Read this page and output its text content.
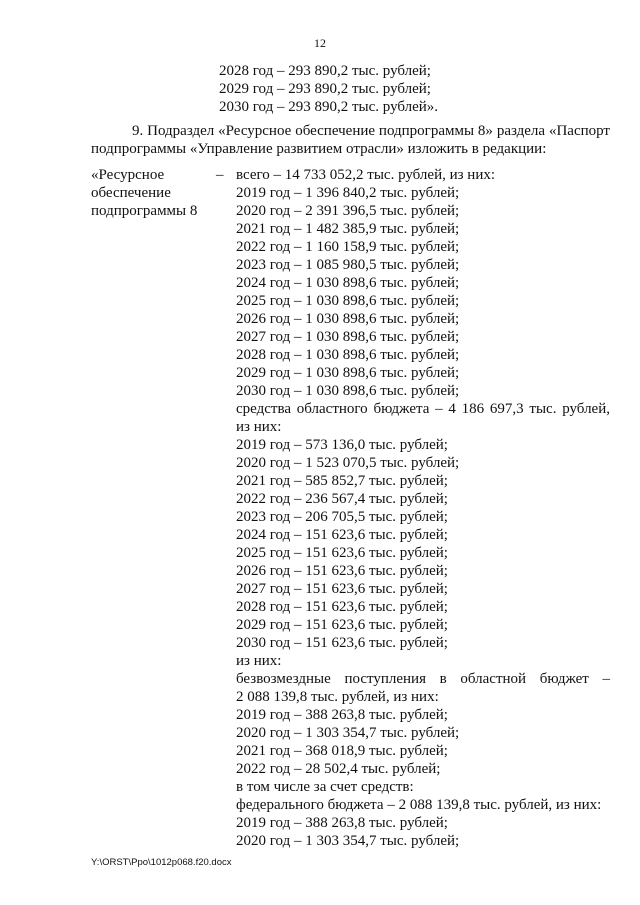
12
2028 год – 293 890,2 тыс. рублей;
2029 год – 293 890,2 тыс. рублей;
2030 год – 293 890,2 тыс. рублей».
9. Подраздел «Ресурсное обеспечение подпрограммы 8» раздела «Паспорт подпрограммы «Управление развитием отрасли» изложить в редакции:
«Ресурсное
обеспечение
подпрограммы 8
– всего – 14 733 052,2 тыс. рублей, из них:
2019 год – 1 396 840,2 тыс. рублей;
2020 год – 2 391 396,5 тыс. рублей;
2021 год – 1 482 385,9 тыс. рублей;
2022 год – 1 160 158,9 тыс. рублей;
2023 год – 1 085 980,5 тыс. рублей;
2024 год – 1 030 898,6 тыс. рублей;
2025 год – 1 030 898,6 тыс. рублей;
2026 год – 1 030 898,6 тыс. рублей;
2027 год – 1 030 898,6 тыс. рублей;
2028 год – 1 030 898,6 тыс. рублей;
2029 год – 1 030 898,6 тыс. рублей;
2030 год – 1 030 898,6 тыс. рублей;
средства областного бюджета – 4 186 697,3 тыс. рублей,
из них:
2019 год – 573 136,0 тыс. рублей;
2020 год – 1 523 070,5 тыс. рублей;
2021 год – 585 852,7 тыс. рублей;
2022 год – 236 567,4 тыс. рублей;
2023 год – 206 705,5 тыс. рублей;
2024 год – 151 623,6 тыс. рублей;
2025 год – 151 623,6 тыс. рублей;
2026 год – 151 623,6 тыс. рублей;
2027 год – 151 623,6 тыс. рублей;
2028 год – 151 623,6 тыс. рублей;
2029 год – 151 623,6 тыс. рублей;
2030 год – 151 623,6 тыс. рублей;
из них:
безвозмездные поступления в областной бюджет –
2 088 139,8 тыс. рублей, из них:
2019 год – 388 263,8 тыс. рублей;
2020 год – 1 303 354,7 тыс. рублей;
2021 год – 368 018,9 тыс. рублей;
2022 год – 28 502,4 тыс. рублей;
в том числе за счет средств:
федерального бюджета – 2 088 139,8 тыс. рублей, из них:
2019 год – 388 263,8 тыс. рублей;
2020 год – 1 303 354,7 тыс. рублей;
Y:\ORST\Ppo\1012p068.f20.docx
